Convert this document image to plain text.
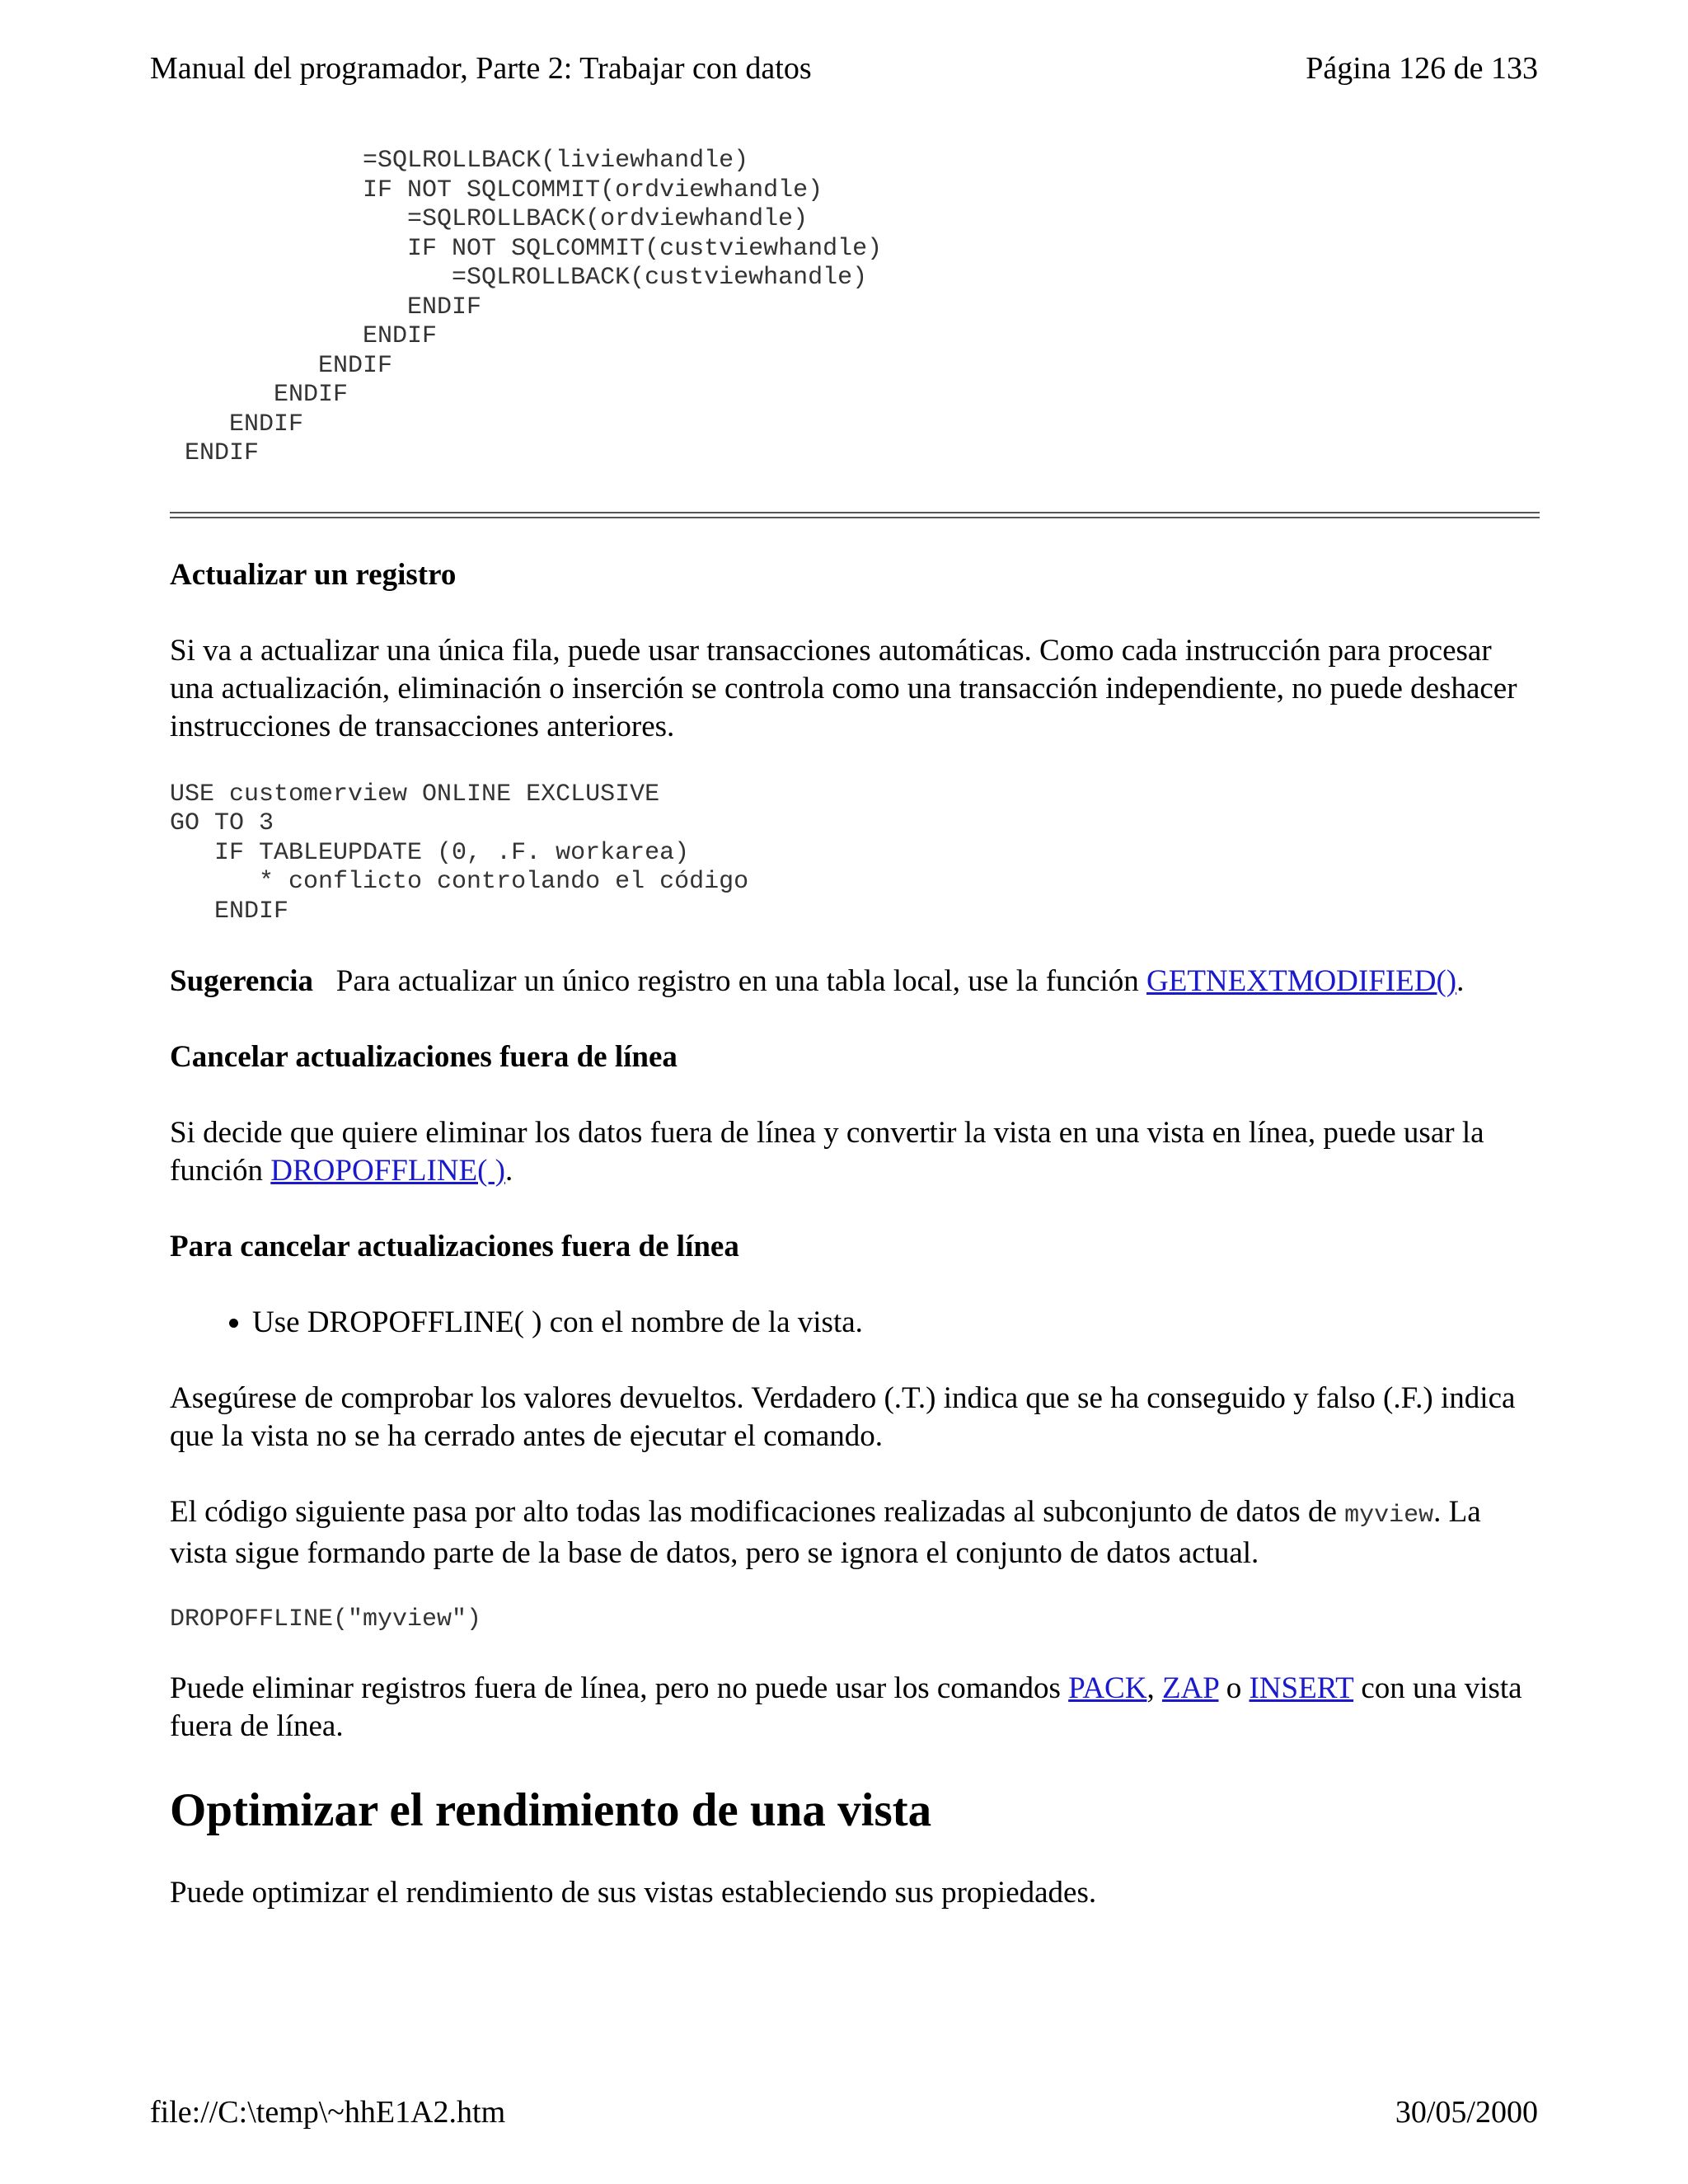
Manual del programador, Parte 2: Trabajar con datos	Página 126 de 133
=SQLROLLBACK(liviewhandle)
IF NOT SQLCOMMIT(ordviewhandle)
=SQLROLLBACK(ordviewhandle)
IF NOT SQLCOMMIT(custviewhandle)
=SQLROLLBACK(custviewhandle)
ENDIF
ENDIF
ENDIF
ENDIF
ENDIF
ENDIF
Actualizar un registro

Si va a actualizar una única fila, puede usar transacciones automáticas. Como cada instrucción para procesar una actualización, eliminación o inserción se controla como una transacción independiente, no puede deshacer instrucciones de transacciones anteriores.

USE customerview ONLINE EXCLUSIVE
GO TO 3
IF TABLEUPDATE (0, .F. workarea)
* conflicto controlando el código
ENDIF

Sugerencia Para actualizar un único registro en una tabla local, use la función GETNEXTMODIFIED().

Cancelar actualizaciones fuera de línea

Si decide que quiere eliminar los datos fuera de línea y convertir la vista en una vista en línea, puede usar la función DROPOFFLINE( ).

Para cancelar actualizaciones fuera de línea
• Use DROPOFFLINE( ) con el nombre de la vista.

Asegúrese de comprobar los valores devueltos. Verdadero (.T.) indica que se ha conseguido y falso (.F.) indica que la vista no se ha cerrado antes de ejecutar el comando.

El código siguiente pasa por alto todas las modificaciones realizadas al subconjunto de datos de myview. La vista sigue formando parte de la base de datos, pero se ignora el conjunto de datos actual.

DROPOFFLINE("myview")

Puede eliminar registros fuera de línea, pero no puede usar los comandos PACK, ZAP o INSERT con una vista fuera de línea.

Optimizar el rendimiento de una vista

Puede optimizar el rendimiento de sus vistas estableciendo sus propiedades.

file://C:\temp\~hhE1A2.htm	30/05/2000
